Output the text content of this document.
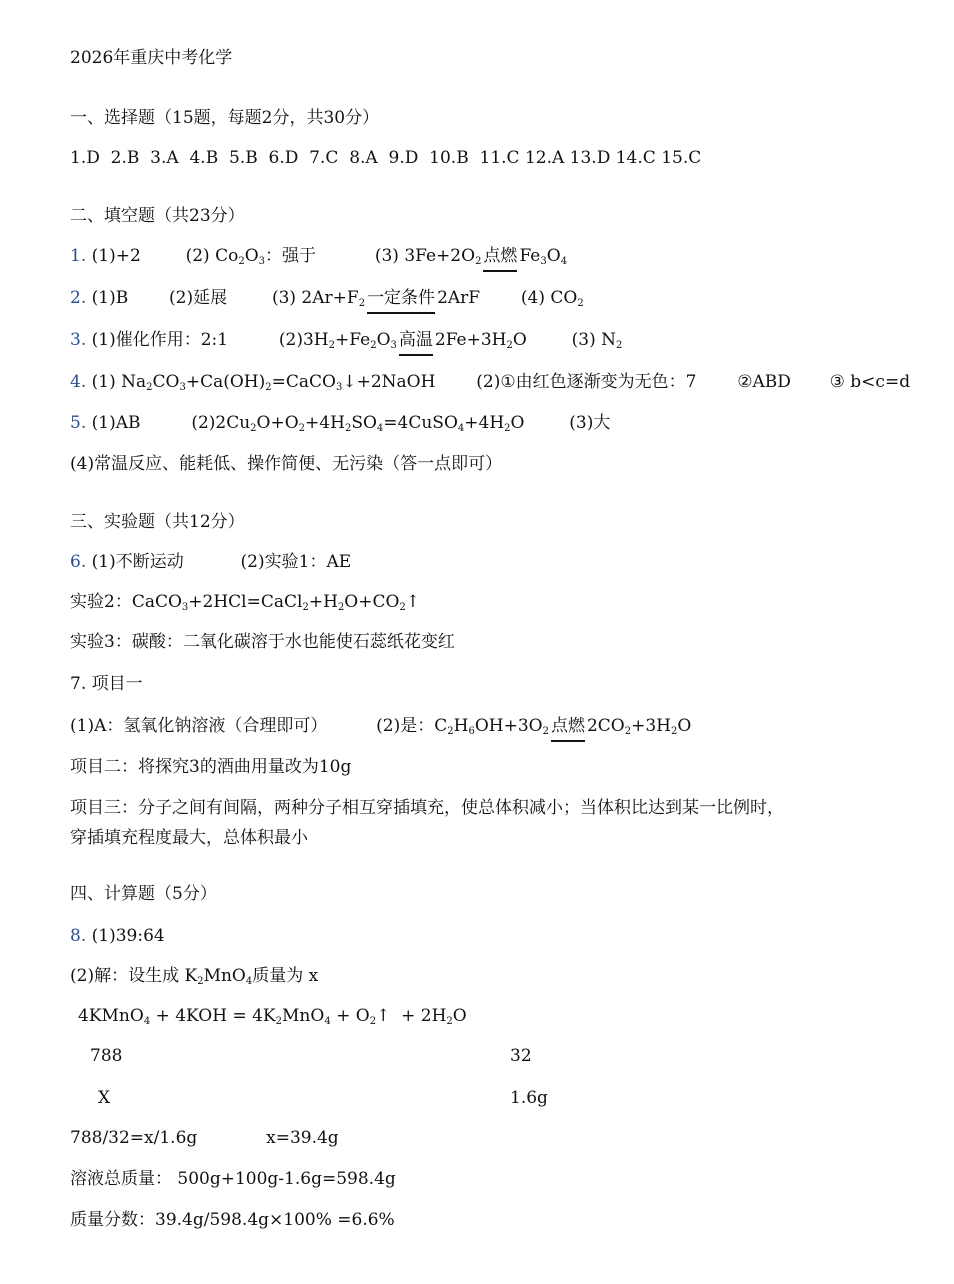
2026年重庆中考化学
一、选择题（15题，每题2分，共30分）
1.D  2.B  3.A  4.B  5.B  6.D  7.C  8.A  9.D  10.B  11.C 12.A 13.D 14.C 15.C
二、填空题（共23分）
1. (1)+2	(2) $Co_2O_3$：强于	(3) $3Fe+2O_2$ 点燃 $Fe_3O_4$
2. (1)B (2)延展	(3) $2Ar+F_2$ 一定条件 2ArF (4) $CO_2$
3. (1)催化作用：2:1	$(2)3H_2+Fe_2O_3$ 高温 $2Fe+3H_2O$	(3) $N_2$
4. (1) $Na_2CO_3+Ca(OH)_2=CaCO_3↓+2NaOH$ (2)①由红色逐渐变为无色：7 ②ABD ③ b<c=d
5. (1)AB	$(2)2Cu_2O+O_2+4H_2SO_4=4CuSO_4+4H_2O$	(3)大
(4)常温反应、能耗低、操作简便、无污染（答一点即可）
三、实验题（共12分）
6. (1)不断运动	(2)实验1：AE
实验2：$CaCO_3+2HCl=CaCl_2+H_2O+CO_2↑$
实验3：碳酸：二氧化碳溶于水也能使石蕊纸花变红
7. 项目一
(1)A：氢氧化钠溶液（合理即可）	(2)是：$C_2H_6OH+3O_2$ 点燃 $2CO_2+3H_2O$
项目二：将探究3的酒曲用量改为10g
项目三：分子之间有间隔，两种分子相互穿插填充，使总体积减小；当体积比达到某一比例时，
穿插填充程度最大，总体积最小
四、计算题（5分）
8. (1)39:64
(2)解：设生成 $K_2MnO_4$质量为 x
4KMnO$_4$ + $4KOH = 4K_2MnO_4$ + $O_2↑ + 2H_2O$
788	32
X	1.6g
788/32=x/1.6g	x=39.4g
溶液总质量： 500g+100g-1.6g=598.4g
质量分数：39.4g/598.4g×100% =6.6%
